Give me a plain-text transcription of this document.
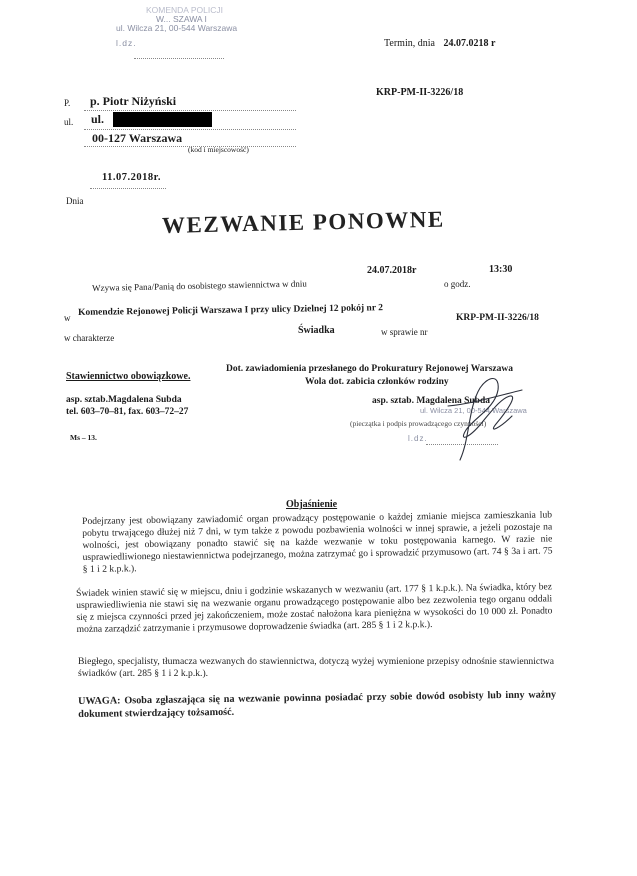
KOMENDA POLICJI
W... SZAWA I
ul. Wilcza 21, 00-544 Warszawa
l.dz.	Termin, dnia 24.07.0218 r
KRP-PM-II-3226/18
P. p. Piotr Niżyński
ul. ul.
00-127 Warszawa
(kod i miejscowość)
11.07.2018r.
Dnia
WEZWANIE PONOWNE
24.07.2018r	13:30
Wzywa się Pana/Panią do osobistego stawiennictwa w dniu	o godz.
w
Komendzie Rejonowej Policji Warszawa I przy ulicy Dzielnej 12 pokój nr 2
KRP-PM-II-3226/18
w charakterze
Świadka	w sprawie nr
Stawiennictwo obowiązkowe.
Dot. zawiadomienia przesłanego do Prokuratury Rejonowej Warszawa
Wola dot. zabicia członków rodziny
asp. sztab.Magdalena Subda
tel. 603–70–81, fax. 603–72–27
Ms – 13.
asp. sztab. Magdalena Subda
ul. Wilcza 21, 00-544 Warszawa
(pieczątka i podpis prowadzącego czynności)
l.dz.
Objaśnienie
Podejrzany jest obowiązany zawiadomić organ prowadzący postępowanie o każdej zmianie miejsca zamieszkania lub pobytu trwającego dłużej niż 7 dni, w tym także z powodu pozbawienia wolności w innej sprawie, a jeżeli pozostaje na wolności, jest obowiązany ponadto stawić się na każde wezwanie w toku postępowania karnego. W razie nie usprawiedliwionego niestawiennictwa podejrzanego, można zatrzymać go i sprowadzić przymusowo (art. 74 § 3a i art. 75 § 1 i 2 k.p.k.).
Świadek winien stawić się w miejscu, dniu i godzinie wskazanych w wezwaniu (art. 177 § 1 k.p.k.). Na świadka, który bez usprawiedliwienia nie stawi się na wezwanie organu prowadzącego postępowanie albo bez zezwolenia tego organu oddali się z miejsca czynności przed jej zakończeniem, może zostać nałożona kara pieniężna w wysokości do 10 000 zł. Ponadto można zarządzić zatrzymanie i przymusowe doprowadzenie świadka (art. 285 § 1 i 2 k.p.k.).
Biegłego, specjalisty, tłumacza wezwanych do stawiennictwa, dotyczą wyżej wymienione przepisy odnośnie stawiennictwa świadków (art. 285 § 1 i 2 k.p.k.).
UWAGA: Osoba zgłaszająca się na wezwanie powinna posiadać przy sobie dowód osobisty lub inny ważny dokument stwierdzający tożsamość.
